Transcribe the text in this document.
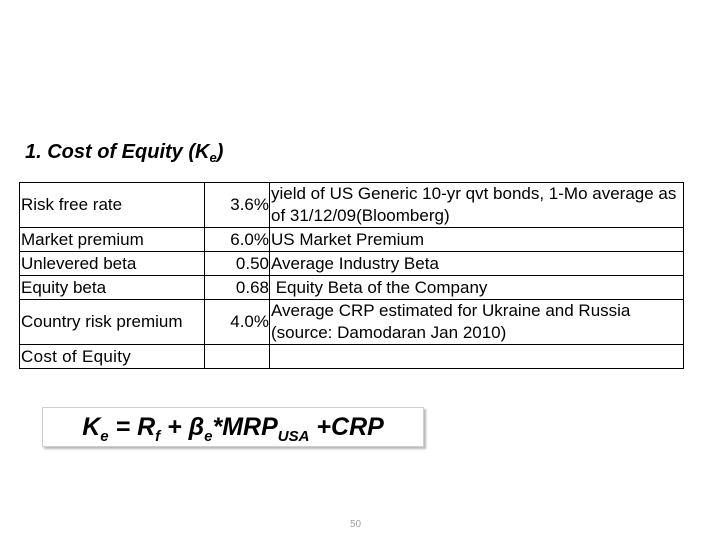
1. Cost of Equity $(K_e)$
Risk free rate	3.6%	yield of US Generic 10-yr qvt bonds, 1-Mo average as of 31/12/09(Bloomberg)
Market premium	6.0%	US Market Premium
Unlevered beta	0.50	Average Industry Beta
Equity beta	0.68	Equity Beta of the Company
Country risk premium	4.0%	Average CRP estimated for Ukraine and Russia (source: Damodaran Jan 2010)
Cost of Equity		
$K_e = R_f + \beta_e*MRP_{USA} +CRP$
50
